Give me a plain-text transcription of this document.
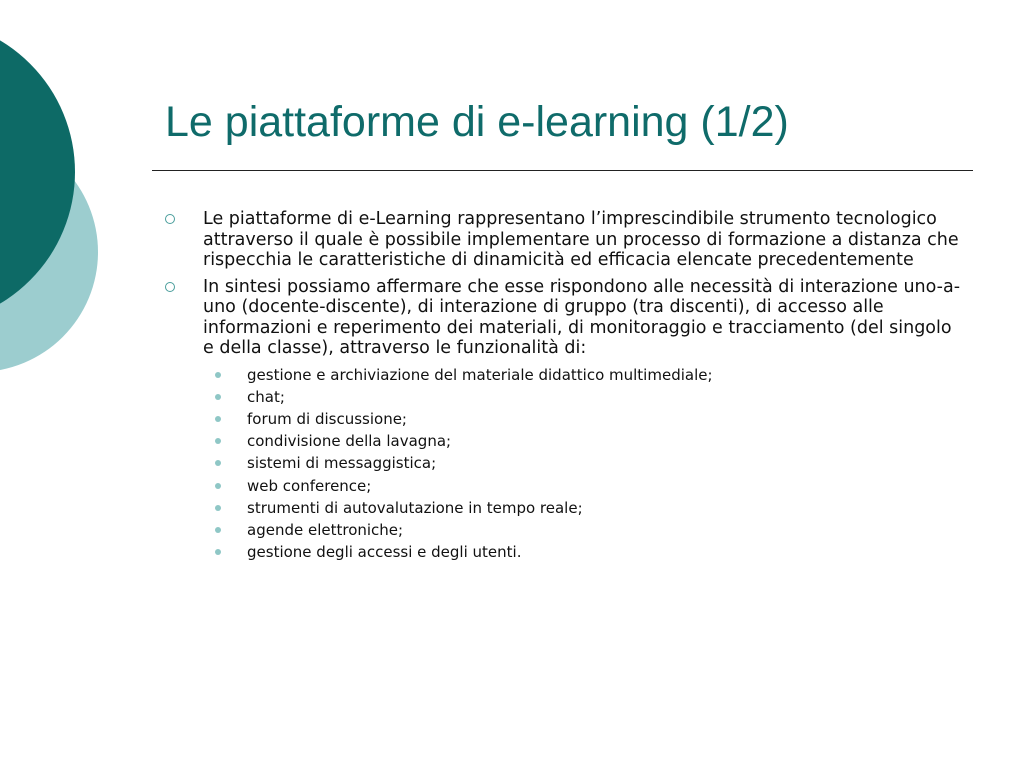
Le piattaforme di e-learning (1/2)
Le piattaforme di e-Learning rappresentano l’imprescindibile strumento tecnologico attraverso il quale è possibile implementare un processo di formazione a distanza che rispecchia le caratteristiche di dinamicità ed efficacia elencate precedentemente
In sintesi possiamo affermare che esse rispondono alle necessità di interazione uno-a-uno (docente-discente), di interazione di gruppo (tra discenti), di accesso alle informazioni e reperimento dei materiali, di monitoraggio e tracciamento (del singolo e della classe), attraverso le funzionalità di:
gestione e archiviazione del materiale didattico multimediale;
chat;
forum di discussione;
condivisione della lavagna;
sistemi di messaggistica;
web conference;
strumenti di autovalutazione in tempo reale;
agende elettroniche;
gestione degli accessi e degli utenti.
